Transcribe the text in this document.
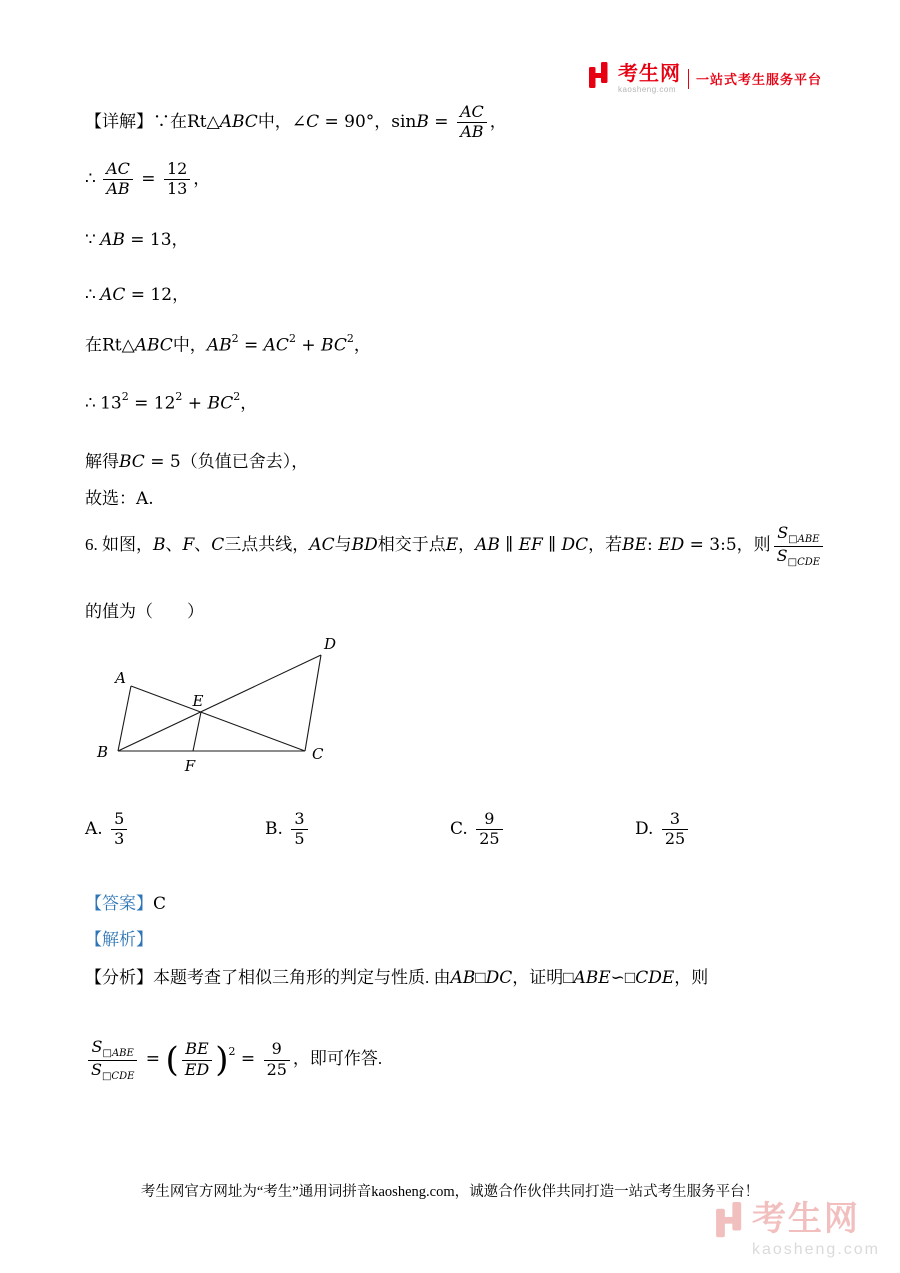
考生网
kaosheng.com
一站式考生服务平台
【详解】∵在Rt△ABC中，∠C = 90°，$\sin B = \frac{AC}{AB}$ ，
∴ $\frac{AC}{AB} = \frac{12}{13}$ ，
∵ AB = 13，
∴ AC = 12，
在Rt△ABC中，$AB^2 = AC^2 + BC^2$，
∴ $13^2 = 12^2 + BC^2$，
解得BC = 5（负值已舍去），
故选：A.
6. 如图，B、F、C三点共线，AC与BD相交于点E，AB ∥ EF ∥ DC，若BE: ED = 3:5，则 $\frac{S_{□ABE}}{S_{□CDE}}$
的值为（　　）
A
D
E
B
F
C
A. $\frac{5}{3}$	B. $\frac{3}{5}$	C. $\frac{9}{25}$	D. $\frac{3}{25}$
【答案】C
【解析】
【分析】本题考查了相似三角形的判定与性质. 由AB□DC，证明□ABE∽□CDE，则
$\frac{S_{□ABE}}{S_{□CDE}}$ = ( $\frac{BE}{ED} )^2 = \frac{9}{25}$ ，即可作答.
考生网官方网址为“考生”通用词拼音kaosheng.com，诚邀合作伙伴共同打造一站式考生服务平台！
考生网
kaosheng.com
